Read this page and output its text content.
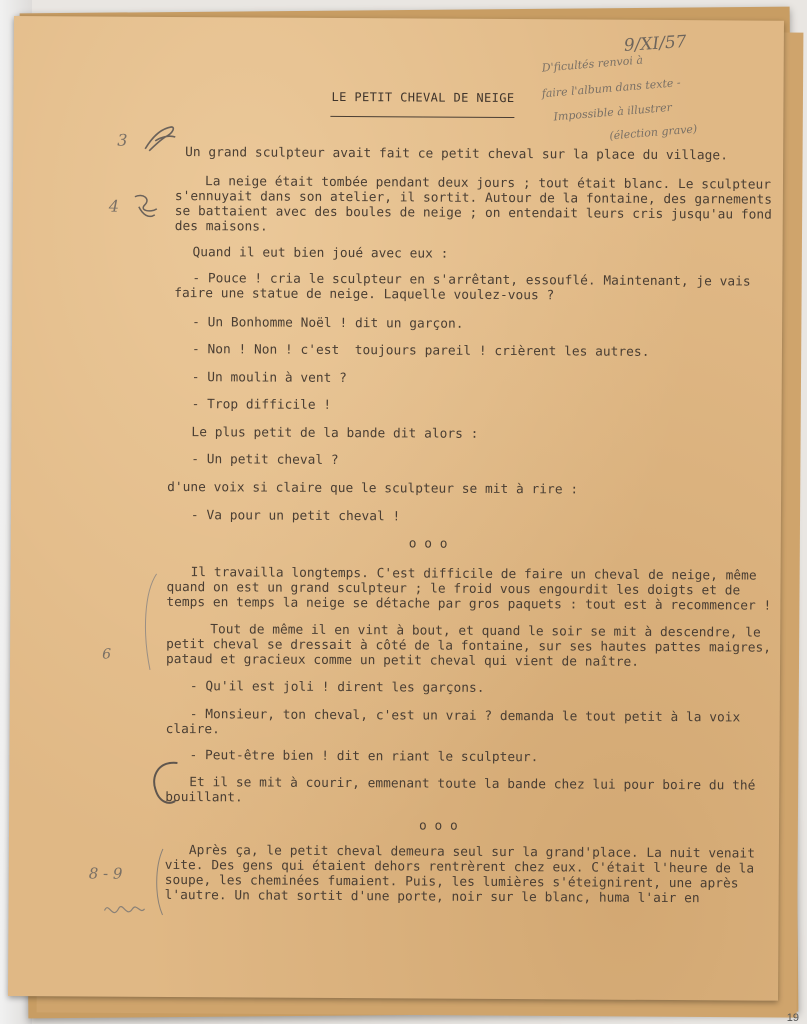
LE PETIT CHEVAL DE NEIGE
9/XI/57
D'ficultés renvoi à
faire l'album dans texte -
Impossible à illustrer
(élection grave)
3
4
6
8 - 9
Un grand sculpteur avait fait ce petit cheval sur la place du village.
La neige était tombée pendant deux jours ; tout était blanc. Le sculpteur
s'ennuyait dans son atelier, il sortit. Autour de la fontaine, des garnements
se battaient avec des boules de neige ; on entendait leurs cris jusqu'au fond
des maisons.
Quand il eut bien joué avec eux :
- Pouce ! cria le sculpteur en s'arrêtant, essouflé. Maintenant, je vais
faire une statue de neige. Laquelle voulez-vous ?
- Un Bonhomme Noël ! dit un garçon.
- Non ! Non ! c'est  toujours pareil ! crièrent les autres.
- Un moulin à vent ?
- Trop difficile !
Le plus petit de la bande dit alors :
- Un petit cheval ?
d'une voix si claire que le sculpteur se mit à rire :
- Va pour un petit cheval !
o o o
Il travailla longtemps. C'est difficile de faire un cheval de neige, même
quand on est un grand sculpteur ; le froid vous engourdit les doigts et de
temps en temps la neige se détache par gros paquets : tout est à recommencer !
Tout de même il en vint à bout, et quand le soir se mit à descendre, le
petit cheval se dressait à côté de la fontaine, sur ses hautes pattes maigres,
pataud et gracieux comme un petit cheval qui vient de naître.
- Qu'il est joli ! dirent les garçons.
- Monsieur, ton cheval, c'est un vrai ? demanda le tout petit à la voix
claire.
- Peut-être bien ! dit en riant le sculpteur.
Et il se mit à courir, emmenant toute la bande chez lui pour boire du thé
bouillant.
o o o
Après ça, le petit cheval demeura seul sur la grand'place. La nuit venait
vite. Des gens qui étaient dehors rentrèrent chez eux. C'était l'heure de la
soupe, les cheminées fumaient. Puis, les lumières s'éteignirent, une après
l'autre. Un chat sortit d'une porte, noir sur le blanc, huma l'air en
19
